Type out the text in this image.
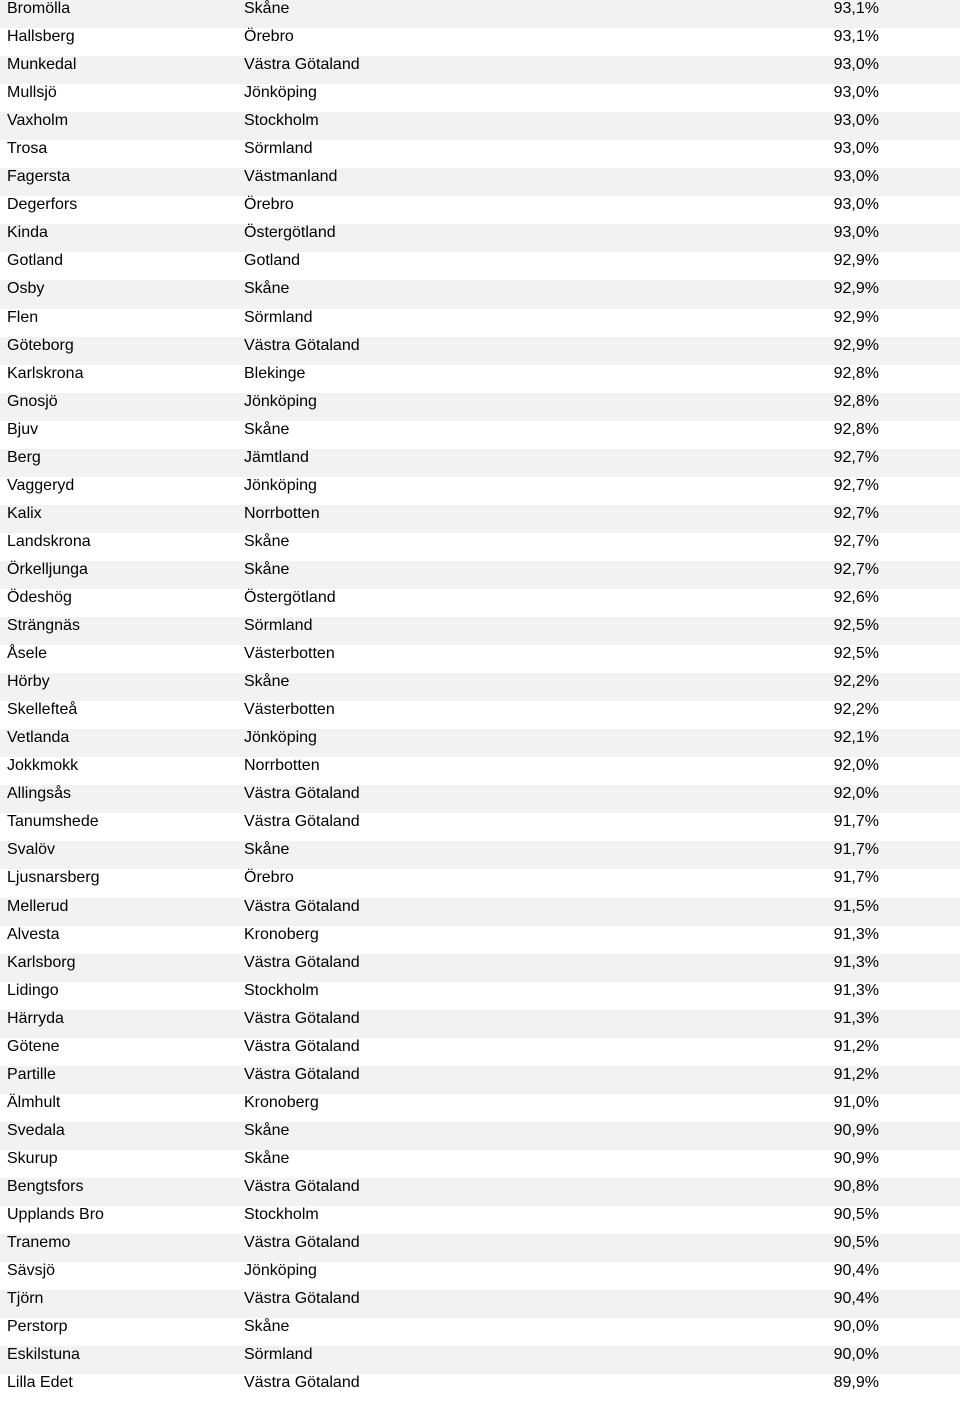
Bromölla	Skåne	93,1%
Hallsberg	Örebro	93,1%
Munkedal	Västra Götaland	93,0%
Mullsjö	Jönköping	93,0%
Vaxholm	Stockholm	93,0%
Trosa	Sörmland	93,0%
Fagersta	Västmanland	93,0%
Degerfors	Örebro	93,0%
Kinda	Östergötland	93,0%
Gotland	Gotland	92,9%
Osby	Skåne	92,9%
Flen	Sörmland	92,9%
Göteborg	Västra Götaland	92,9%
Karlskrona	Blekinge	92,8%
Gnosjö	Jönköping	92,8%
Bjuv	Skåne	92,8%
Berg	Jämtland	92,7%
Vaggeryd	Jönköping	92,7%
Kalix	Norrbotten	92,7%
Landskrona	Skåne	92,7%
Örkelljunga	Skåne	92,7%
Ödeshög	Östergötland	92,6%
Strängnäs	Sörmland	92,5%
Åsele	Västerbotten	92,5%
Hörby	Skåne	92,2%
Skellefteå	Västerbotten	92,2%
Vetlanda	Jönköping	92,1%
Jokkmokk	Norrbotten	92,0%
Allingsås	Västra Götaland	92,0%
Tanumshede	Västra Götaland	91,7%
Svalöv	Skåne	91,7%
Ljusnarsberg	Örebro	91,7%
Mellerud	Västra Götaland	91,5%
Alvesta	Kronoberg	91,3%
Karlsborg	Västra Götaland	91,3%
Lidingo	Stockholm	91,3%
Härryda	Västra Götaland	91,3%
Götene	Västra Götaland	91,2%
Partille	Västra Götaland	91,2%
Älmhult	Kronoberg	91,0%
Svedala	Skåne	90,9%
Skurup	Skåne	90,9%
Bengtsfors	Västra Götaland	90,8%
Upplands Bro	Stockholm	90,5%
Tranemo	Västra Götaland	90,5%
Sävsjö	Jönköping	90,4%
Tjörn	Västra Götaland	90,4%
Perstorp	Skåne	90,0%
Eskilstuna	Sörmland	90,0%
Lilla Edet	Västra Götaland	89,9%
